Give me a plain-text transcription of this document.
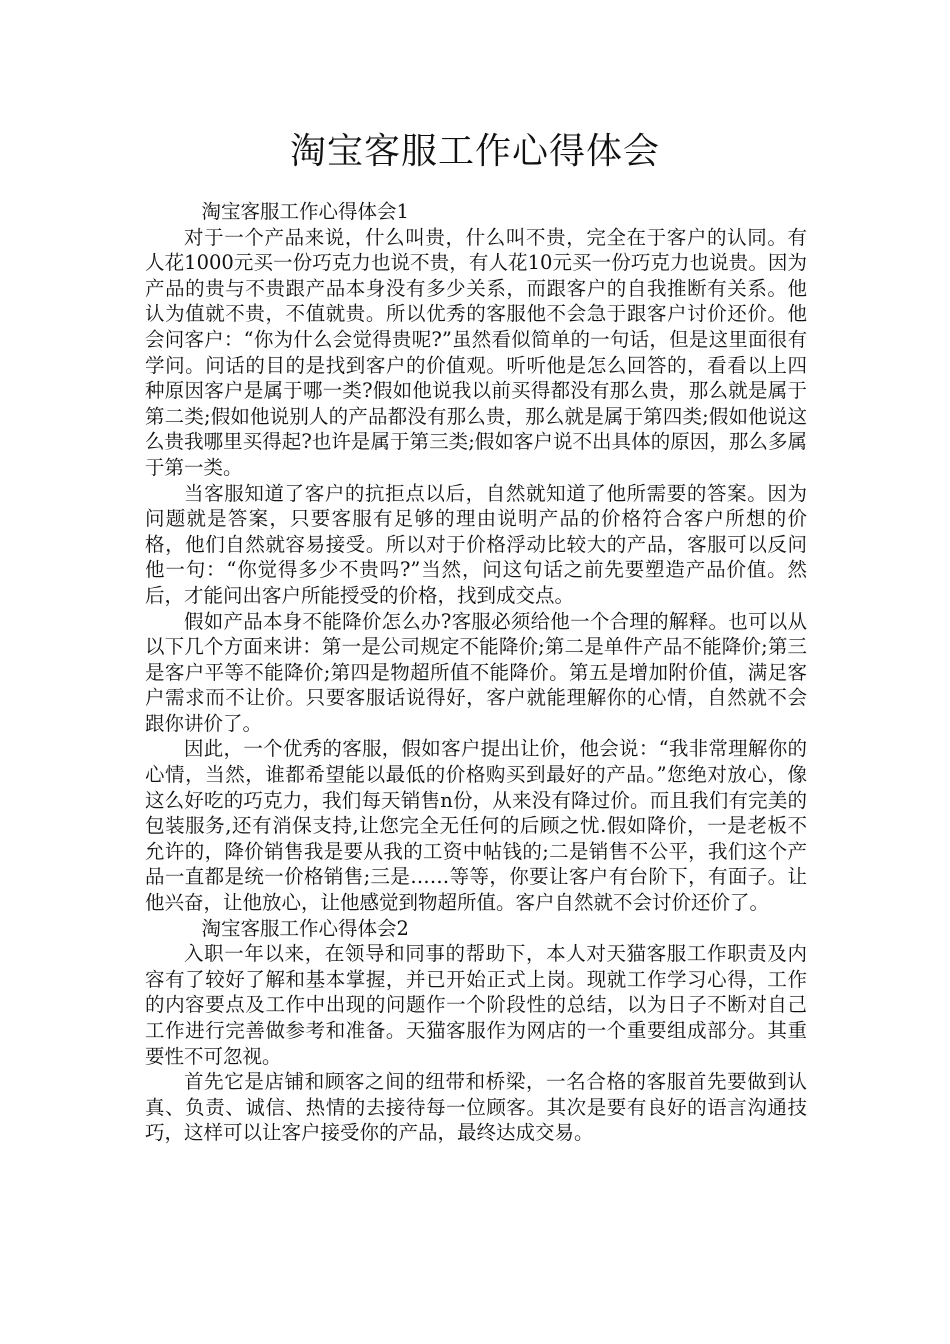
淘宝客服工作心得体会
淘宝客服工作心得体会1

对于一个产品来说，什么叫贵，什么叫不贵，完全在于客户的认同。有人花1000元买一份巧克力也说不贵，有人花10元买一份巧克力也说贵。因为产品的贵与不贵跟产品本身没有多少关系，而跟客户的自我推断有关系。他认为值就不贵，不值就贵。所以优秀的客服他不会急于跟客户讨价还价。他会问客户：“你为什么会觉得贵呢?”虽然看似简单的一句话，但是这里面很有学问。问话的目的是找到客户的价值观。听听他是怎么回答的，看看以上四种原因客户是属于哪一类?假如他说我以前买得都没有那么贵，那么就是属于第二类;假如他说别人的产品都没有那么贵，那么就是属于第四类;假如他说这么贵我哪里买得起?也许是属于第三类;假如客户说不出具体的原因，那么多属于第一类。

当客服知道了客户的抗拒点以后，自然就知道了他所需要的答案。因为问题就是答案，只要客服有足够的理由说明产品的价格符合客户所想的价格，他们自然就容易接受。所以对于价格浮动比较大的产品，客服可以反问他一句：“你觉得多少不贵吗?”当然，问这句话之前先要塑造产品价值。然后，才能问出客户所能授受的价格，找到成交点。

假如产品本身不能降价怎么办?客服必须给他一个合理的解释。也可以从以下几个方面来讲：第一是公司规定不能降价;第二是单件产品不能降价;第三是客户平等不能降价;第四是物超所值不能降价。第五是增加附价值，满足客户需求而不让价。只要客服话说得好，客户就能理解你的心情，自然就不会跟你讲价了。

因此，一个优秀的客服，假如客户提出让价，他会说：“我非常理解你的心情，当然，谁都希望能以最低的价格购买到最好的产品。”您绝对放心，像这么好吃的巧克力，我们每天销售n份，从来没有降过价。而且我们有完美的包装服务,还有消保支持,让您完全无任何的后顾之忧.假如降价，一是老板不允许的，降价销售我是要从我的工资中帖钱的;二是销售不公平，我们这个产品一直都是统一价格销售;三是……等等，你要让客户有台阶下，有面子。让他兴奋，让他放心，让他感觉到物超所值。客户自然就不会讨价还价了。

淘宝客服工作心得体会2

入职一年以来，在领导和同事的帮助下，本人对天猫客服工作职责及内容有了较好了解和基本掌握，并已开始正式上岗。现就工作学习心得，工作的内容要点及工作中出现的问题作一个阶段性的总结，以为日子不断对自己工作进行完善做参考和准备。天猫客服作为网店的一个重要组成部分。其重要性不可忽视。

首先它是店铺和顾客之间的纽带和桥梁，一名合格的客服首先要做到认真、负责、诚信、热情的去接待每一位顾客。其次是要有良好的语言沟通技巧，这样可以让客户接受你的产品，最终达成交易。
